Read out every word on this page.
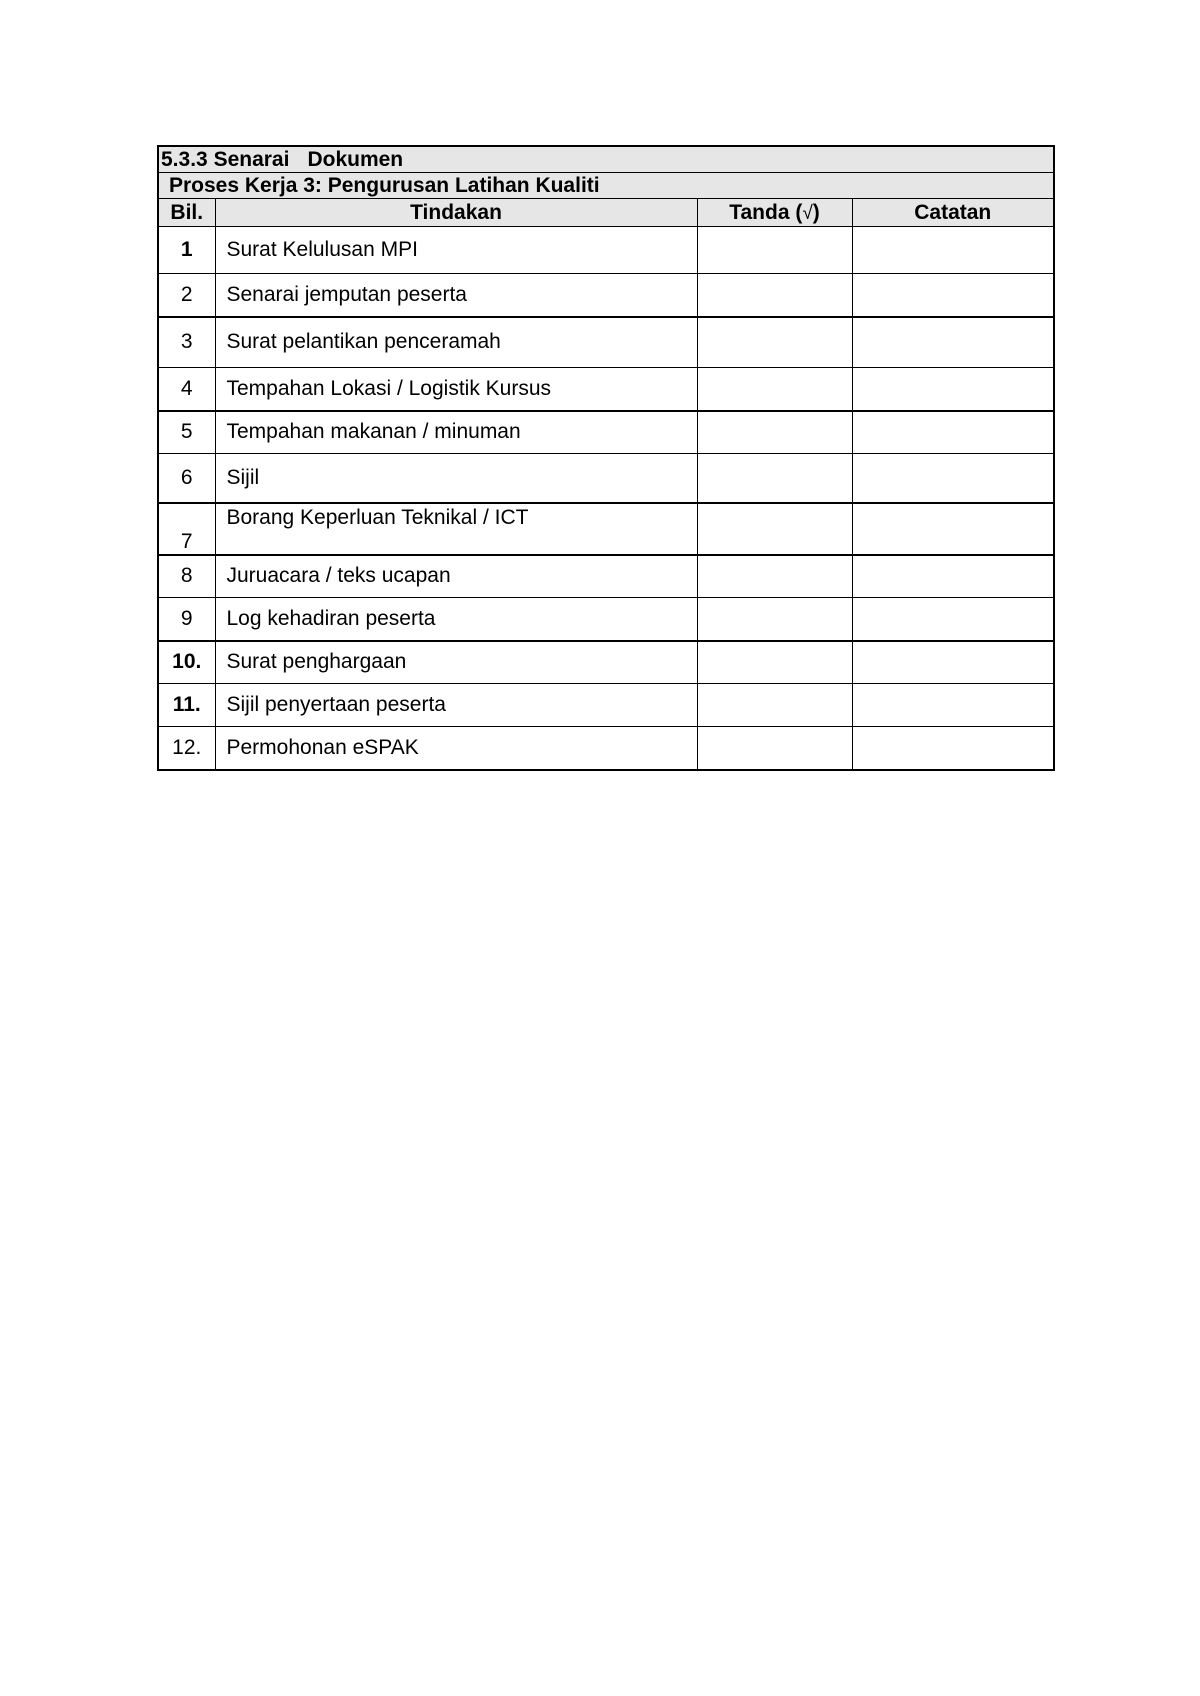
5.3.3 Senarai Dokumen			
Proses Kerja 3: Pengurusan Latihan Kualiti			
Bil.	Tindakan	Tanda (√)	Catatan
1	Surat Kelulusan MPI		
2	Senarai jemputan peserta		
3	Surat pelantikan penceramah		
4	Tempahan Lokasi / Logistik Kursus		
5	Tempahan makanan / minuman		
6	Sijil		
7	Borang Keperluan Teknikal / ICT		
8	Juruacara / teks ucapan		
9	Log kehadiran peserta		
10.	Surat penghargaan		
11.	Sijil penyertaan peserta		
12.	Permohonan eSPAK		
